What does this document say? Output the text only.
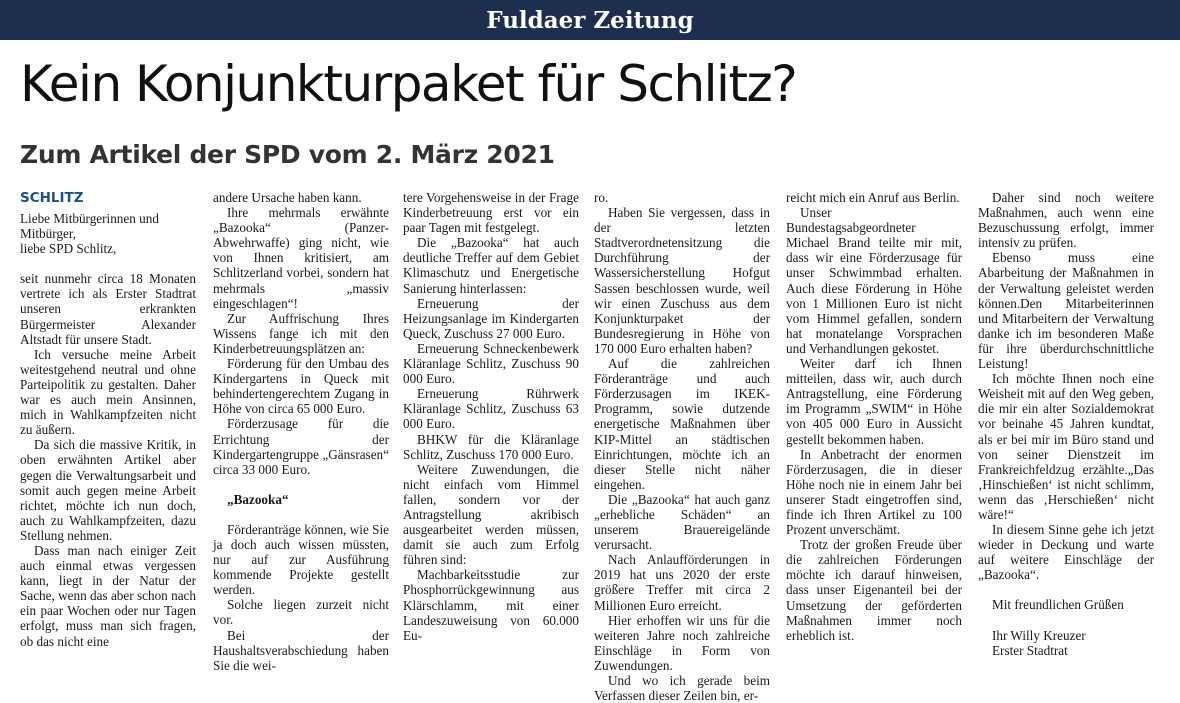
Fuldaer Zeitung
Kein Konjunkturpaket für Schlitz?
Zum Artikel der SPD vom 2. März 2021
SCHLITZ

Liebe Mitbürgerinnen und Mitbürger,

liebe SPD Schlitz,

seit nunmehr circa 18 Monaten vertrete ich als Erster Stadtrat unseren erkrankten Bürgermeister Alexander Altstadt für unsere Stadt.

Ich versuche meine Arbeit weitestgehend neutral und ohne Parteipolitik zu gestalten. Daher war es auch mein Ansinnen, mich in Wahlkampfzeiten nicht zu äußern.

Da sich die massive Kritik, in oben erwähnten Artikel aber gegen die Verwaltungsarbeit und somit auch gegen meine Arbeit richtet, möchte ich nun doch, auch zu Wahlkampfzeiten, dazu Stellung nehmen.

Dass man nach einiger Zeit auch einmal etwas vergessen kann, liegt in der Natur der Sache, wenn das aber schon nach ein paar Wochen oder nur Tagen erfolgt, muss man sich fragen, ob das nicht eine

andere Ursache haben kann.

Ihre mehrmals erwähnte „Bazooka“ (Panzer-Abwehrwaffe) ging nicht, wie von Ihnen kritisiert, am Schlitzerland vorbei, sondern hat mehrmals „massiv eingeschlagen“!

Zur Auffrischung Ihres Wissens fange ich mit den Kinderbetreuungsplätzen an:

Förderung für den Umbau des Kindergartens in Queck mit behindertengerechtem Zugang in Höhe von circa 65 000 Euro.

Förderzusage für die Errichtung der Kindergartengruppe „Gänsrasen“ circa 33 000 Euro.

„Bazooka“

Förderanträge können, wie Sie ja doch auch wissen müssten, nur auf zur Ausführung kommende Projekte gestellt werden.

Solche liegen zurzeit nicht vor.

Bei der Haushaltsverabschiedung haben Sie die wei-

tere Vorgehensweise in der Frage Kinderbetreuung erst vor ein paar Tagen mit festgelegt.

Die „Bazooka“ hat auch deutliche Treffer auf dem Gebiet Klimaschutz und Energetische Sanierung hinterlassen:

Erneuerung der Heizungsanlage im Kindergarten Queck, Zuschuss 27 000 Euro.

Erneuerung Schneckenbewerk Kläranlage Schlitz, Zuschuss 90 000 Euro.

Erneuerung Rührwerk Kläranlage Schlitz, Zuschuss 63 000 Euro.

BHKW für die Kläranlage Schlitz, Zuschuss 170 000 Euro.

Weitere Zuwendungen, die nicht einfach vom Himmel fallen, sondern vor der Antragstellung akribisch ausgearbeitet werden müssen, damit sie auch zum Erfolg führen sind:

Machbarkeitsstudie zur Phosphorrückgewinnung aus Klärschlamm, mit einer Landeszuweisung von 60.000 Eu-

ro.

Haben Sie vergessen, dass in der letzten Stadtverordnetensitzung die Durchführung der Wassersicherstellung Hofgut Sassen beschlossen wurde, weil wir einen Zuschuss aus dem Konjunkturpaket der Bundesregierung in Höhe von 170 000 Euro erhalten haben?

Auf die zahlreichen Förderanträge und auch Förderzusagen im IKEK-Programm, sowie dutzende energetische Maßnahmen über KIP-Mittel an städtischen Einrichtungen, möchte ich an dieser Stelle nicht näher eingehen.

Die „Bazooka“ hat auch ganz „erhebliche Schäden“ an unserem Brauereigelände verursacht.

Nach Anlaufförderungen in 2019 hat uns 2020 der erste größere Treffer mit circa 2 Millionen Euro erreicht.

Hier erhoffen wir uns für die weiteren Jahre noch zahlreiche Einschläge in Form von Zuwendungen.

Und wo ich gerade beim Verfassen dieser Zeilen bin, er-

reicht mich ein Anruf aus Berlin.

Unser Bundestagsabgeordneter Michael Brand teilte mir mit, dass wir eine Förderzusage für unser Schwimmbad erhalten. Auch diese Förderung in Höhe von 1 Millionen Euro ist nicht vom Himmel gefallen, sondern hat monatelange Vorsprachen und Verhandlungen gekostet.

Weiter darf ich Ihnen mitteilen, dass wir, auch durch Antragstellung, eine Förderung im Programm „SWIM“ in Höhe von 405 000 Euro in Aussicht gestellt bekommen haben.

In Anbetracht der enormen Förderzusagen, die in dieser Höhe noch nie in einem Jahr bei unserer Stadt eingetroffen sind, finde ich Ihren Artikel zu 100 Prozent unverschämt.

Trotz der großen Freude über die zahlreichen Förderungen möchte ich darauf hinweisen, dass unser Eigenanteil bei der Umsetzung der geförderten Maßnahmen immer noch erheblich ist.

Daher sind noch weitere Maßnahmen, auch wenn eine Bezuschussung erfolgt, immer intensiv zu prüfen.

Ebenso muss eine Abarbeitung der Maßnahmen in der Verwaltung geleistet werden können.Den Mitarbeiterinnen und Mitarbeitern der Verwaltung danke ich im besonderen Maße für ihre überdurchschnittliche Leistung!

Ich möchte Ihnen noch eine Weisheit mit auf den Weg geben, die mir ein alter Sozialdemokrat vor beinahe 45 Jahren kundtat, als er bei mir im Büro stand und von seiner Dienstzeit im Frankreichfeldzug erzählte.„Das ‚Hinschießen‘ ist nicht schlimm, wenn das ‚Herschießen‘ nicht wäre!“

In diesem Sinne gehe ich jetzt wieder in Deckung und warte auf weitere Einschläge der „Bazooka“.

Mit freundlichen Grüßen

Ihr Willy Kreuzer

Erster Stadtrat
